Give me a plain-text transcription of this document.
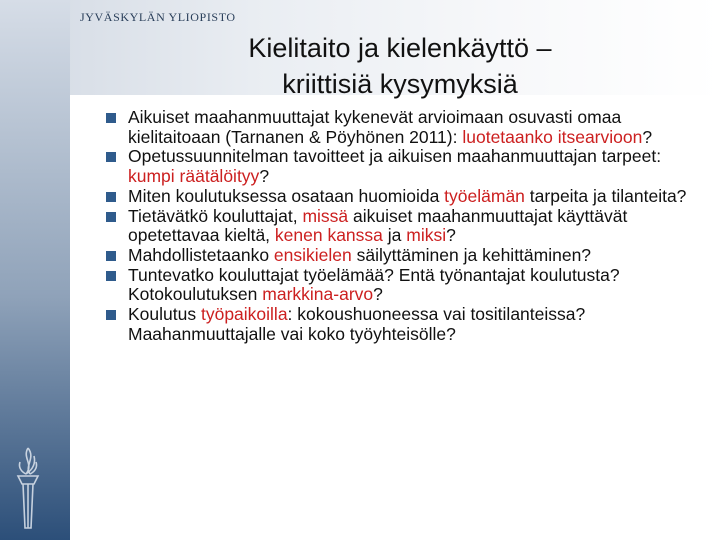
JYVÄSKYLÄN YLIOPISTO
Kielitaito ja kielenkäyttö –
kriittisiä kysymyksiä
Aikuiset maahanmuuttajat kykenevät arvioimaan osuvasti omaa kielitaitoaan (Tarnanen & Pöyhönen 2011): luotetaanko itsearvioon?
Opetussuunnitelman tavoitteet ja aikuisen maahanmuuttajan tarpeet: kumpi räätälöityy?
Miten koulutuksessa osataan huomioida työelämän tarpeita ja tilanteita?
Tietävätkö kouluttajat, missä aikuiset maahanmuuttajat käyttävät opetettavaa kieltä, kenen kanssa ja miksi?
Mahdollistetaanko ensikielen säilyttäminen ja kehittäminen?
Tuntevatko kouluttajat työelämää? Entä työnantajat koulutusta? Kotokoulutuksen markkina-arvo?
Koulutus työpaikoilla: kokoushuoneessa vai tositilanteissa? Maahanmuuttajalle vai koko työyhteisölle?
